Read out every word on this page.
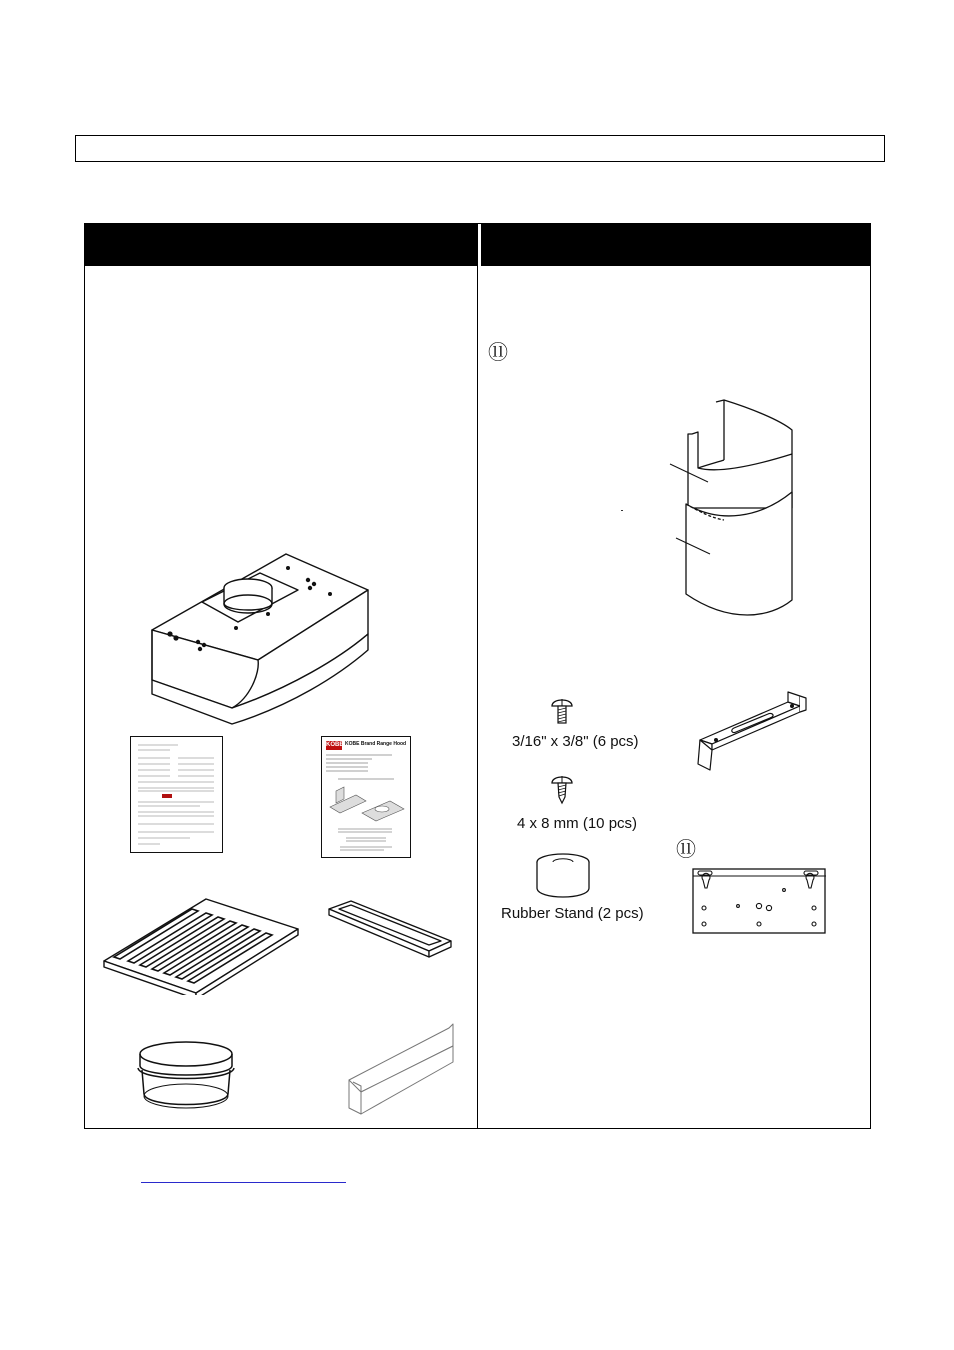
KOBE KOBE Brand Range Hood
⑪
3/16" x 3/8" (6 pcs)
4 x 8 mm (10 pcs)
Rubber Stand (2 pcs)
⑪
